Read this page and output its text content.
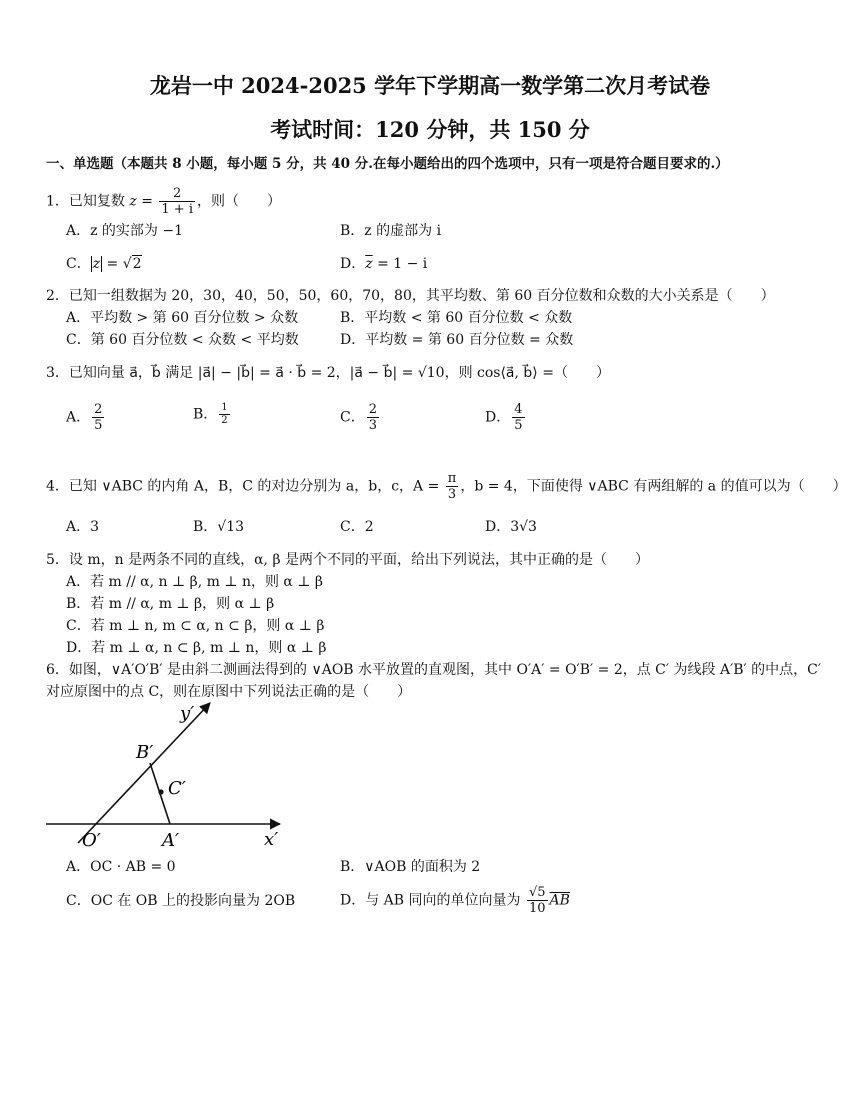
龙岩一中 2024-2025 学年下学期高一数学第二次月考试卷
考试时间：120 分钟，共 150 分
一、单选题（本题共 8 小题，每小题 5 分，共 40 分.在每小题给出的四个选项中，只有一项是符合题目要求的.）
1．已知复数 $z = \frac{2}{1 + i}$ ，则（　　）
A．z 的实部为 −1	B．z 的虚部为 i
C． z = √2	D．$\overline{z} = 1 - i$
2．已知一组数据为 20，30，40，50，50，60，70，80，其平均数、第 60 百分位数和众数的大小关系是（　　）
A．平均数 > 第 60 百分位数 > 众数	B．平均数 < 第 60 百分位数 < 众数
C．第 60 百分位数 < 众数 < 平均数	D．平均数 = 第 60 百分位数 = 众数
3．已知向量 a⃗，b⃗ 满足 |a⃗| − |b⃗| = a⃗ · b⃗ = 2，|a⃗ − b⃗| = √10，则 cos⟨a⃗, b⃗⟩ =（　　）
A． $\frac{2}{5}$	B． $\frac{1}{2}$	C． $\frac{2}{3}$	D． $\frac{4}{5}$
4．已知 ∨ABC 的内角 A，B，C 的对边分别为 a，b，c，$A = \frac{\pi}{3}$ ，b = 4，下面使得 ∨ABC 有两组解的 a 的值可以为（　　）
A．3	B．√13	C．2	D．3√3
5．设 m，n 是两条不同的直线，α, β 是两个不同的平面，给出下列说法，其中正确的是（　　）
A．若 m // α, n ⊥ β, m ⊥ n，则 α ⊥ β
B．若 m // α, m ⊥ β，则 α ⊥ β
C．若 m ⊥ n, m ⊂ α, n ⊂ β，则 α ⊥ β
D．若 m ⊥ α, n ⊂ β, m ⊥ n，则 α ⊥ β
6．如图，∨A′O′B′ 是由斜二测画法得到的 ∨AOB 水平放置的直观图，其中 O′A′ = O′B′ = 2，点 C′ 为线段 A′B′ 的中点，C′
对应原图中的点 C，则在原图中下列说法正确的是（　　）
y′
B′
C′
O′	A′	x′
A．OC · AB = 0	B．∨AOB 的面积为 2
C．OC 在 OB 上的投影向量为 2OB	D．与 AB 同向的单位向量为 $\frac{√5}{10} \overline{AB}$
